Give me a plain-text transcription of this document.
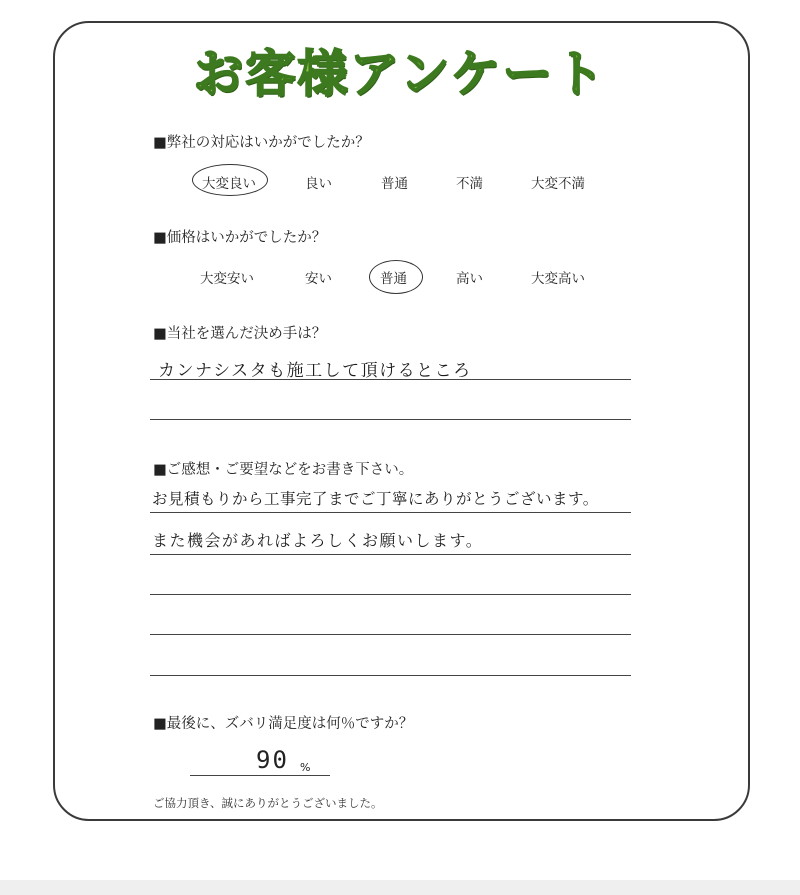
お客様アンケート
■弊社の対応はいかがでしたか？
大変良い	良い	普通	不満	大変不満
■価格はいかがでしたか？
大変安い	安い	普通	高い	大変高い
■当社を選んだ決め手は？
カンナシスタも施工して頂けるところ
■ご感想・ご要望などをお書き下さい。
お見積もりから工事完了までご丁寧にありがとうございます。
また機会があればよろしくお願いします。
■最後に、ズバリ満足度は何％ですか？
90 %
ご協力頂き、誠にありがとうございました。
